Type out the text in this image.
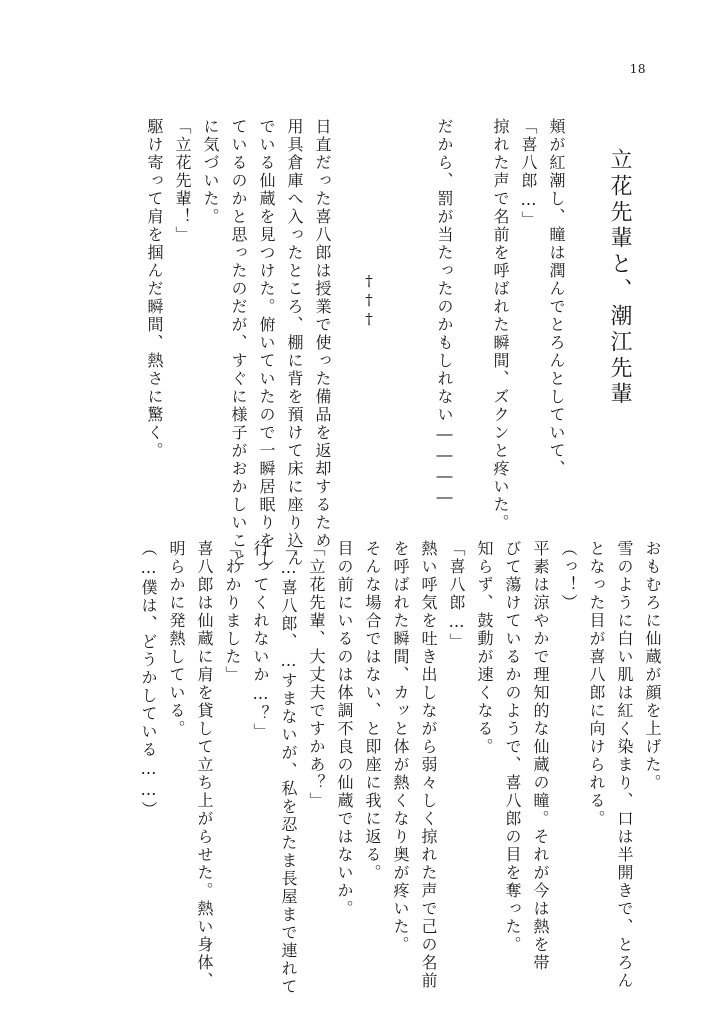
18
立花先輩と、潮江先輩
頬が紅潮し、瞳は潤んでとろんとしていて、
「喜八郎…」
掠れた声で名前を呼ばれた瞬間、ズクンと疼いた。
だから、罰が当たったのかもしれない――――
†††
日直だった喜八郎は授業で使った備品を返却するため
用具倉庫へ入ったところ、棚に背を預けて床に座り込ん
でいる仙蔵を見つけた。俯いていたので一瞬居眠りをし
ているのかと思ったのだが、すぐに様子がおかしいこと
に気づいた。
「立花先輩！」
駆け寄って肩を掴んだ瞬間、熱さに驚く。
おもむろに仙蔵が顔を上げた。
雪のように白い肌は紅く染まり、口は半開きで、とろん
となった目が喜八郎に向けられる。
（っ！）
平素は涼やかで理知的な仙蔵の瞳。それが今は熱を帯
びて蕩けているかのようで、喜八郎の目を奪った。
知らず、鼓動が速くなる。
「喜八郎…」
熱い呼気を吐き出しながら弱々しく掠れた声で己の名前
を呼ばれた瞬間、カッと体が熱くなり奥が疼いた。
そんな場合ではない、と即座に我に返る。
目の前にいるのは体調不良の仙蔵ではないか。
「立花先輩、大丈夫ですかあ？」
「…喜八郎、…すまないが、私を忍たま長屋まで連れて
行ってくれないか…？」
「わかりました」
喜八郎は仙蔵に肩を貸して立ち上がらせた。熱い身体、
明らかに発熱している。
（…僕は、どうかしている……）
